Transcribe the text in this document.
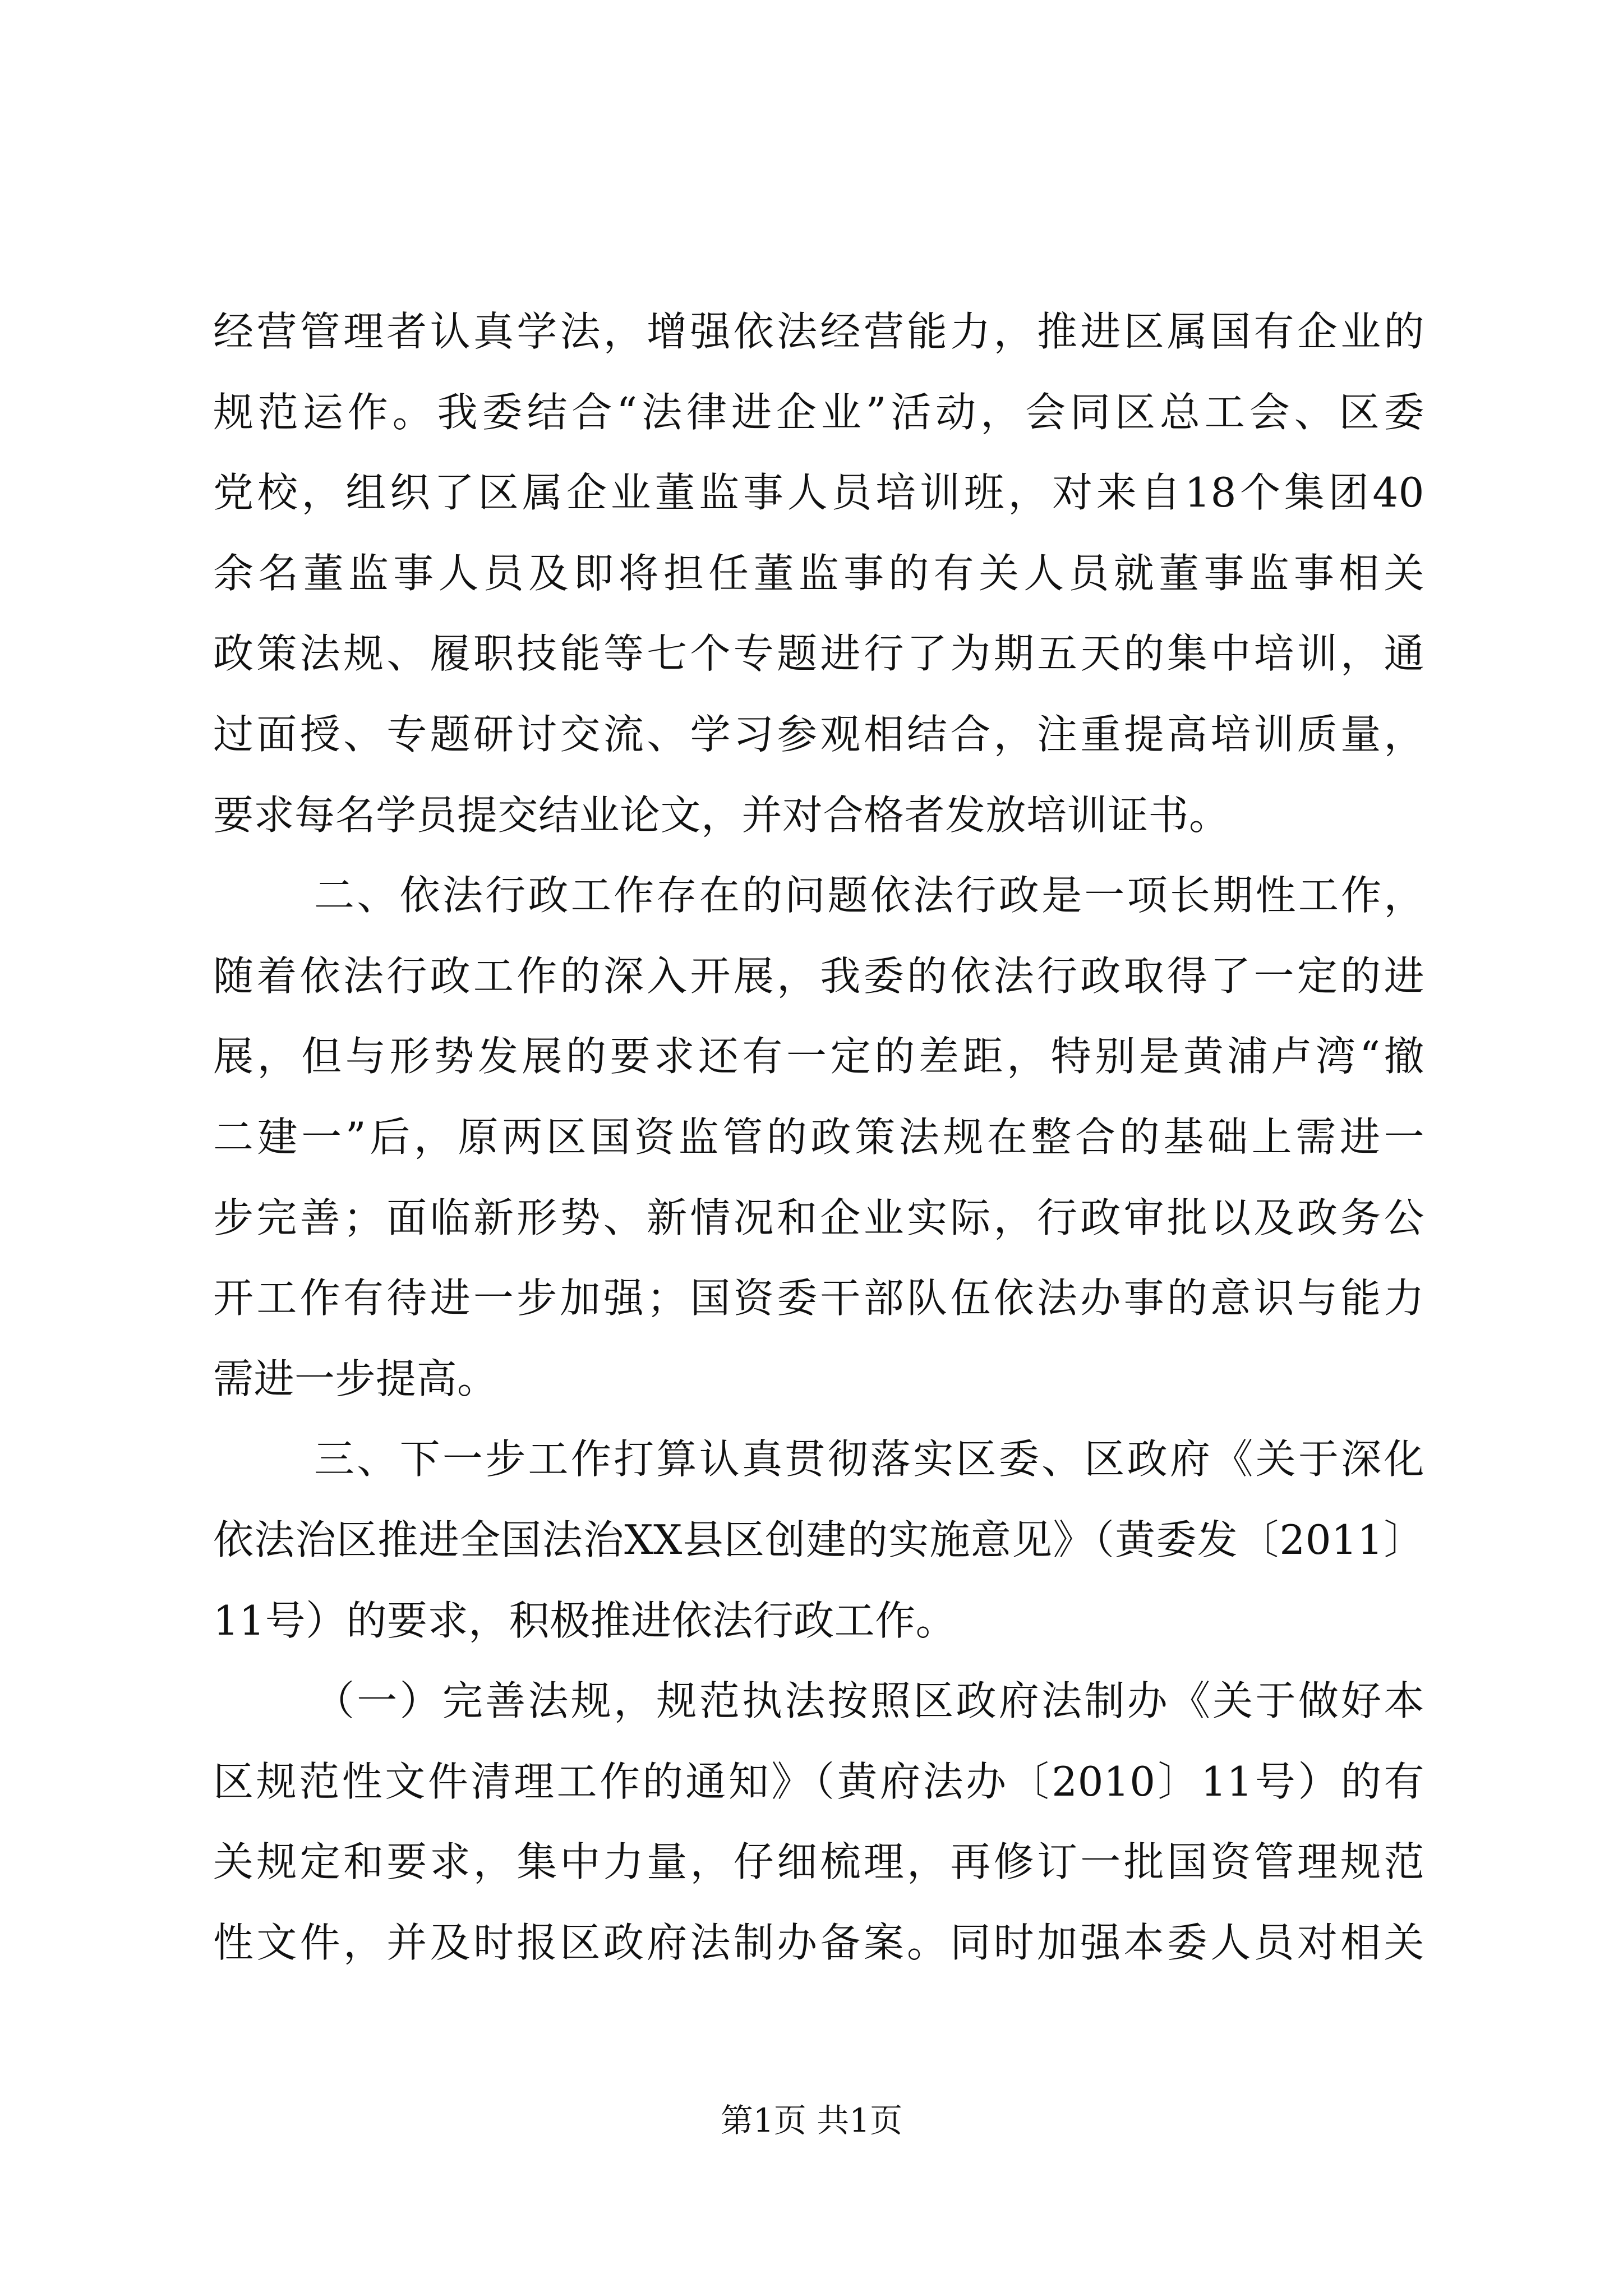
经营管理者认真学法，增强依法经营能力，推进区属国有企业的
规范运作。我委结合“法律进企业”活动，会同区总工会、区委
党校，组织了区属企业董监事人员培训班，对来自18个集团40
余名董监事人员及即将担任董监事的有关人员就董事监事相关
政策法规、履职技能等七个专题进行了为期五天的集中培训，通
过面授、专题研讨交流、学习参观相结合，注重提高培训质量，
要求每名学员提交结业论文，并对合格者发放培训证书。
二、依法行政工作存在的问题依法行政是一项长期性工作，
随着依法行政工作的深入开展，我委的依法行政取得了一定的进
展，但与形势发展的要求还有一定的差距，特别是黄浦卢湾“撤
二建一”后，原两区国资监管的政策法规在整合的基础上需进一
步完善；面临新形势、新情况和企业实际，行政审批以及政务公
开工作有待进一步加强；国资委干部队伍依法办事的意识与能力
需进一步提高。
三、下一步工作打算认真贯彻落实区委、区政府《关于深化
依法治区推进全国法治XX县区创建的实施意见》（黄委发〔2011〕
11号）的要求，积极推进依法行政工作。
（一）完善法规，规范执法按照区政府法制办《关于做好本
区规范性文件清理工作的通知》（黄府法办〔2010〕11号）的有
关规定和要求，集中力量，仔细梳理，再修订一批国资管理规范
性文件，并及时报区政府法制办备案。同时加强本委人员对相关
第1页 共1页
